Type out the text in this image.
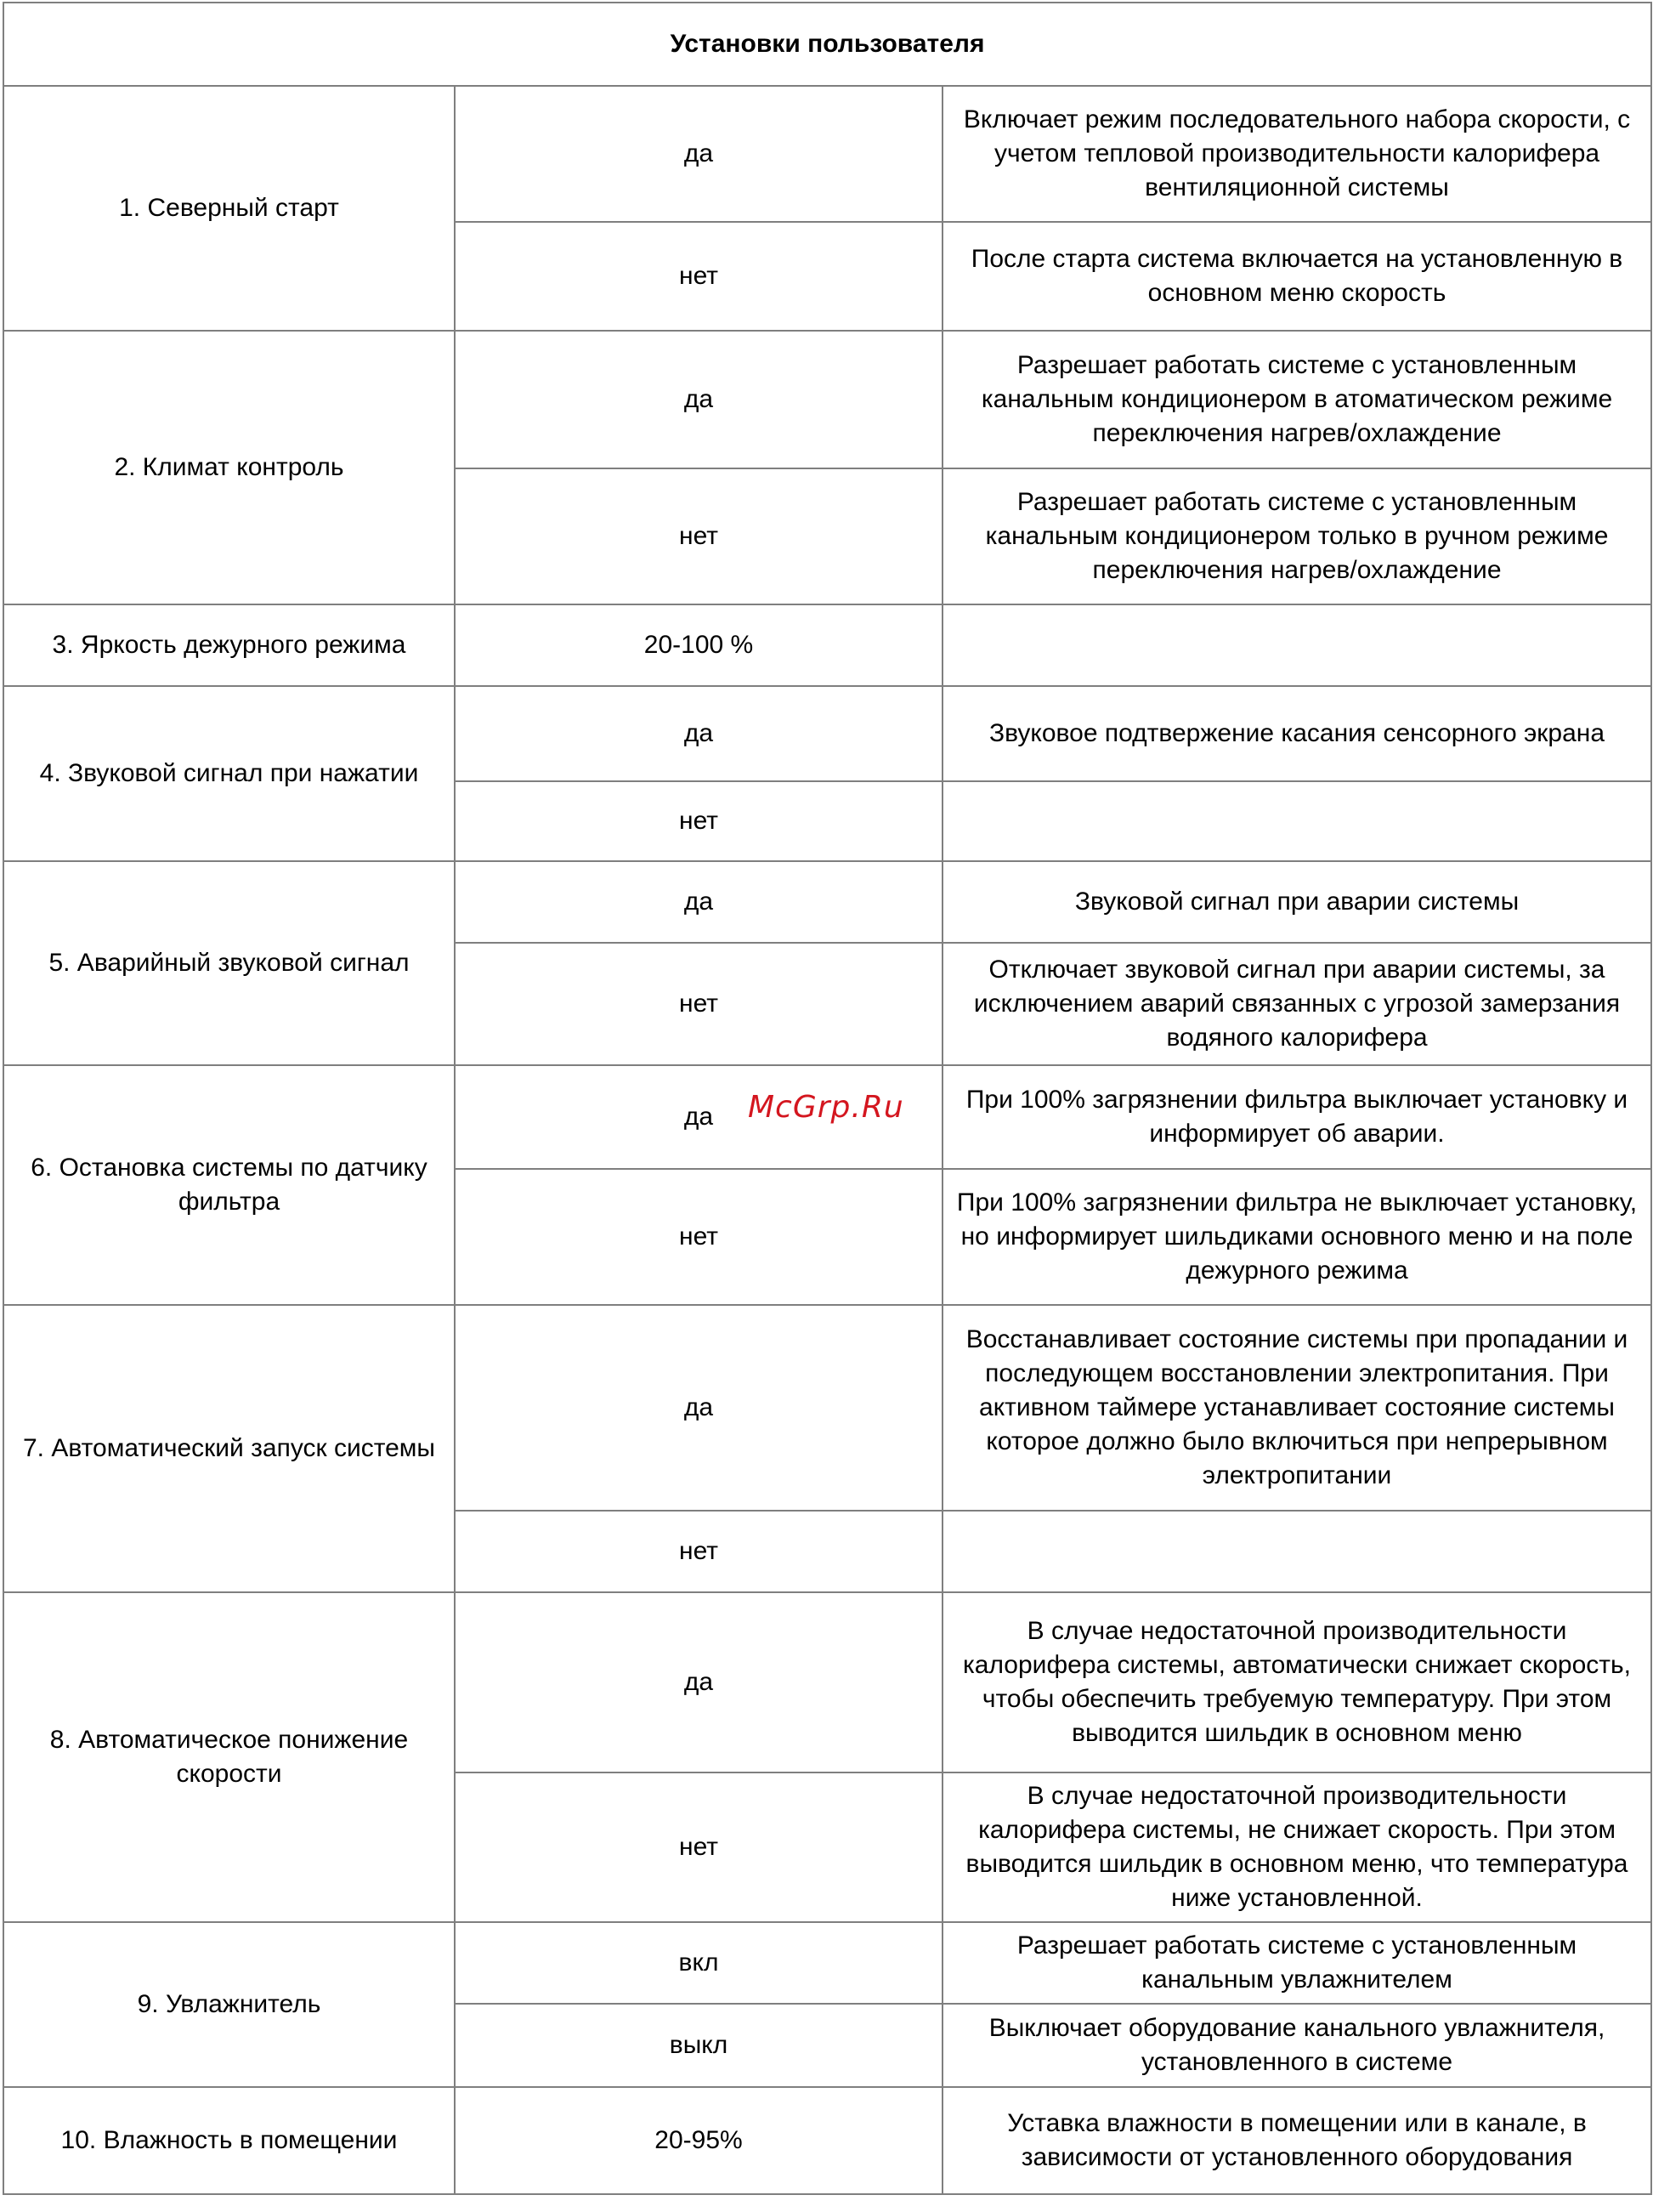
Установки пользователя		
1. Северный старт	да	Включает режим последовательного набора скорости, с учетом тепловой производительности калорифера вентиляционной системы
	нет	После старта система включается на установленную в основном меню скорость
2. Климат контроль	да	Разрешает работать системе с установленным канальным кондиционером в атоматическом режиме переключения нагрев/охлаждение
	нет	Разрешает работать системе с установленным канальным кондиционером только в ручном режиме переключения нагрев/охлаждение
3. Яркость дежурного режима	20-100 %	
4. Звуковой сигнал при нажатии	да	Звуковое подтвержение касания сенсорного экрана
	нет	
5. Аварийный звуковой сигнал	да	Звуковой сигнал при аварии системы
	нет	Отключает звуковой сигнал при аварии системы, за исключением аварий связанных с угрозой замерзания водяного калорифера
6. Остановка системы по датчику фильтра	да	При 100% загрязнении фильтра выключает установку и информирует об аварии.
	нет	При 100% загрязнении фильтра не выключает установку, но информирует шильдиками основного меню и на поле дежурного режима
7. Автоматический запуск системы	да	Восстанавливает состояние системы при пропадании и последующем восстановлении электропитания. При активном таймере устанавливает состояние системы которое должно было включиться при непрерывном электропитании
	нет	
8. Автоматическое понижение скорости	да	В случае недостаточной производительности калорифера системы, автоматически снижает скорость, чтобы обеспечить требуемую температуру. При этом выводится шильдик в основном меню
	нет	В случае недостаточной производительности калорифера системы, не снижает скорость. При этом выводится шильдик в основном меню, что температура ниже установленной.
9. Увлажнитель	вкл	Разрешает работать системе с установленным канальным увлажнителем
	выкл	Выключает оборудование канального увлажнителя, установленного в системе
10. Влажность в помещении	20-95%	Уставка влажности в помещении или в канале, в зависимости от установленного оборудования
McGrp.Ru
